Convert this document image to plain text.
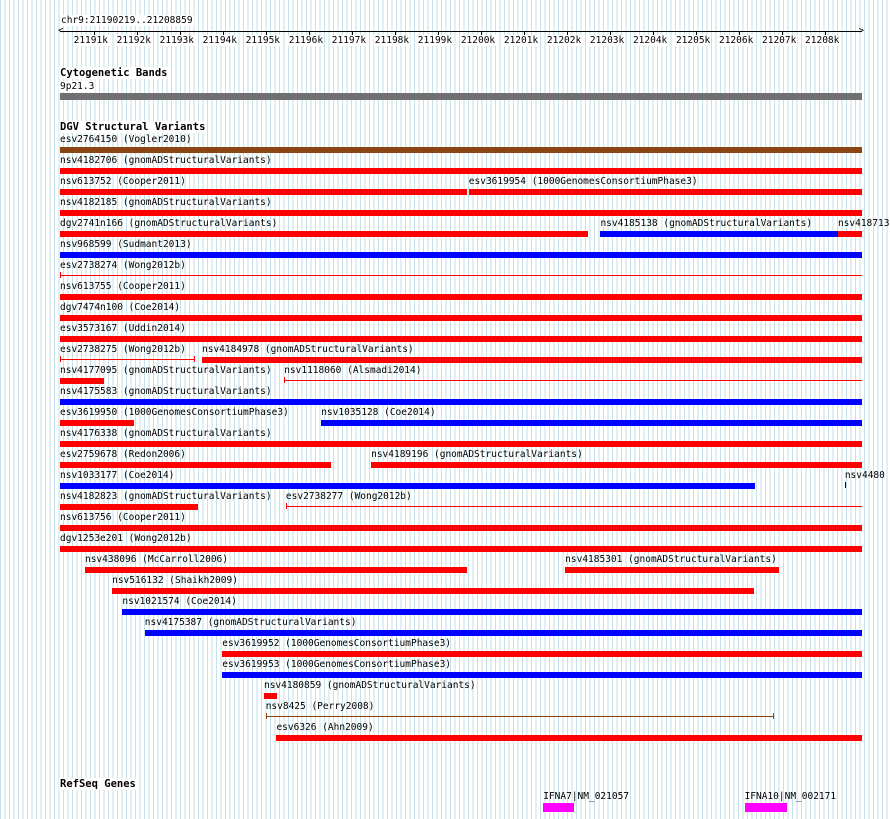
chr9:21190219..21208859
<	>
21191k 21192k 21193k 21194k 21195k 21196k 21197k 21198k 21199k 21200k 21201k 21202k 21203k 21204k 21205k 21206k 21207k 21208k
Cytogenetic Bands
9p21.3
DGV Structural Variants
esv2764150 (Vogler2010)
nsv4182706 (gnomADStructuralVariants)
nsv613752 (Cooper2011)	esv3619954 (1000GenomesConsortiumPhase3)
nsv4182185 (gnomADStructuralVariants)
dgv2741n166 (gnomADStructuralVariants)	nsv4185138 (gnomADStructuralVariants)	nsv418713
nsv968599 (Sudmant2013)
esv2738274 (Wong2012b)
nsv613755 (Cooper2011)
dgv7474n100 (Coe2014)
esv3573167 (Uddin2014)
esv2738275 (Wong2012b) nsv4184978 (gnomADStructuralVariants)
nsv4177095 (gnomADStructuralVariants) nsv1118060 (Alsmadi2014)
nsv4175583 (gnomADStructuralVariants)
esv3619950 (1000GenomesConsortiumPhase3)	nsv1035128 (Coe2014)
nsv4176338 (gnomADStructuralVariants)
esv2759678 (Redon2006)	nsv4189196 (gnomADStructuralVariants)
nsv1033177 (Coe2014)	nsv4480
nsv4182823 (gnomADStructuralVariants) esv2738277 (Wong2012b)
nsv613756 (Cooper2011)
dgv1253e201 (Wong2012b)
nsv438096 (McCarroll2006)	nsv4185301 (gnomADStructuralVariants)
nsv516132 (Shaikh2009)
nsv1021574 (Coe2014)
nsv4175387 (gnomADStructuralVariants)
esv3619952 (1000GenomesConsortiumPhase3)
esv3619953 (1000GenomesConsortiumPhase3)
nsv4180859 (gnomADStructuralVariants)
nsv8425 (Perry2008)
esv6326 (Ahn2009)
RefSeq Genes
IFNA7|NM_021057	IFNA10|NM_002171
